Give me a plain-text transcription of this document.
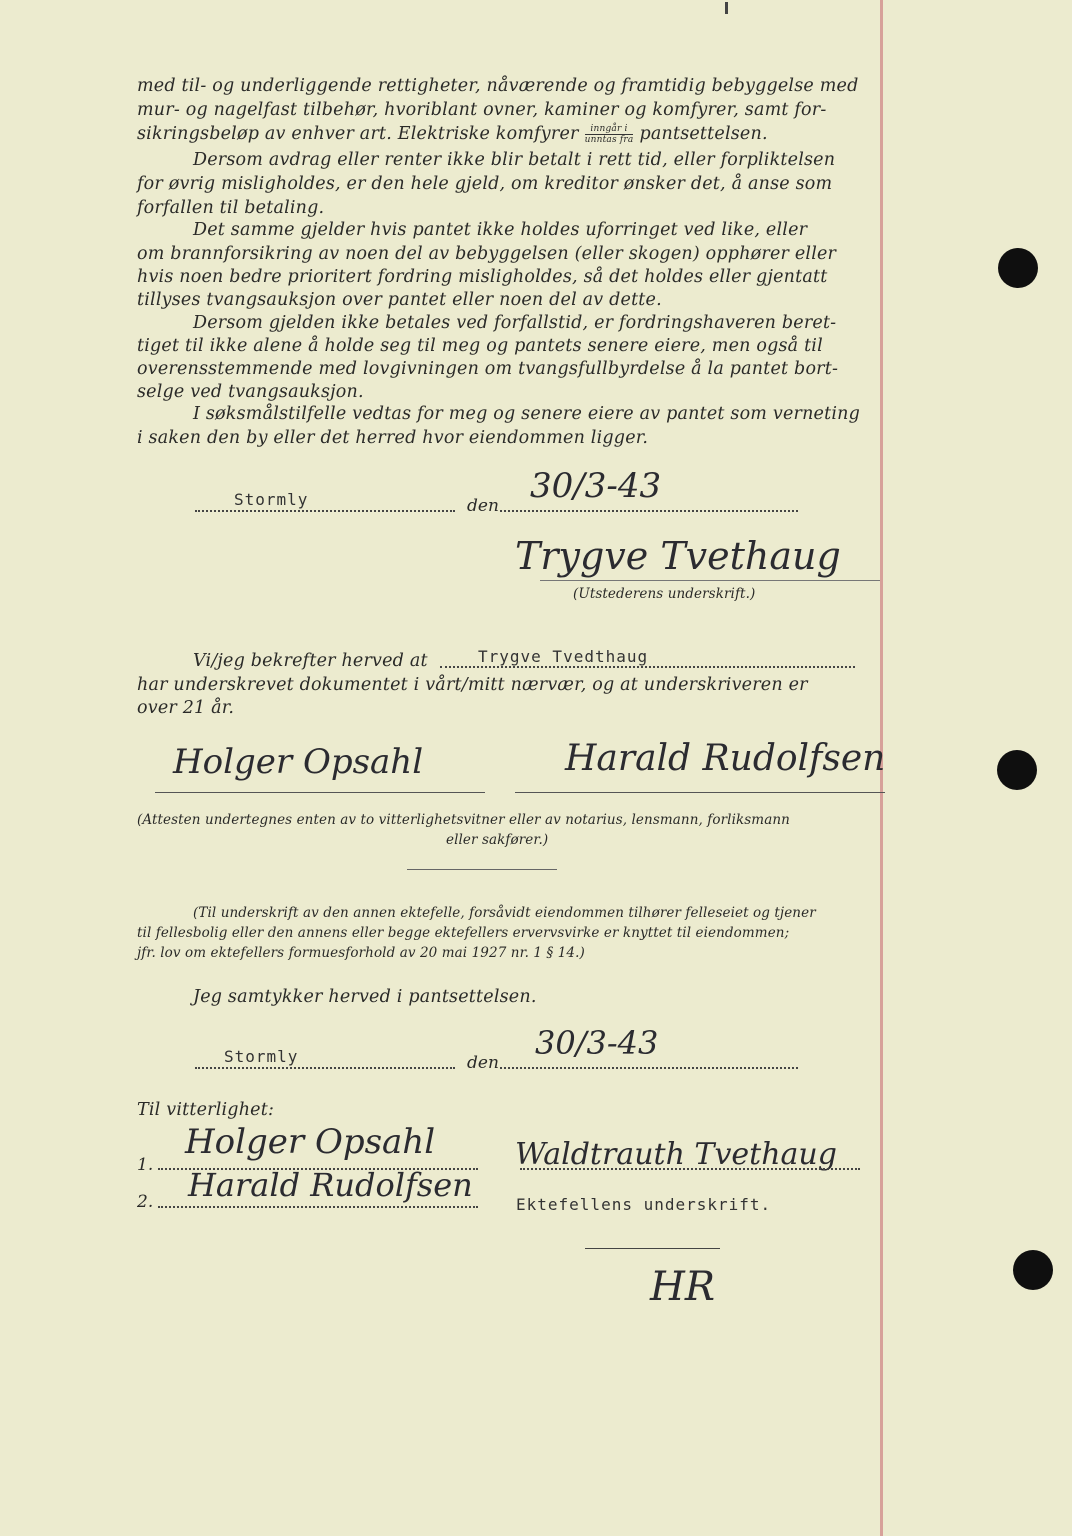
med til- og underliggende rettigheter, nåværende og framtidig bebyggelse med
mur- og nagelfast tilbehør, hvoriblant ovner, kaminer og komfyrer, samt for-
sikringsbeløp av enhver art. Elektriske komfyrer $\frac{\text{inngår i}}{\text{unntas fra}}$ pantsettelsen.
Dersom avdrag eller renter ikke blir betalt i rett tid, eller forpliktelsen
for øvrig misligholdes, er den hele gjeld, om kreditor ønsker det, å anse som
forfallen til betaling.
Det samme gjelder hvis pantet ikke holdes uforringet ved like, eller
om brannforsikring av noen del av bebyggelsen (eller skogen) opphører eller
hvis noen bedre prioritert fordring misligholdes, så det holdes eller gjentatt
tillyses tvangsauksjon over pantet eller noen del av dette.
Dersom gjelden ikke betales ved forfallstid, er fordringshaveren beret-
tiget til ikke alene å holde seg til meg og pantets senere eiere, men også til
overensstemmende med lovgivningen om tvangsfullbyrdelse å la pantet bort-
selge ved tvangsauksjon.
I søksmålstilfelle vedtas for meg og senere eiere av pantet som verneting
i saken den by eller det herred hvor eiendommen ligger.
Stormly	den 30/3-43
Trygve Tvethaug
(Utstederens underskrift.)
Vi/jeg bekrefter herved at	Trygve Tvedthaug
har underskrevet dokumentet i vårt/mitt nærvær, og at underskriveren er
over 21 år.
Holger Opsahl	Harald Rudolfsen
(Attesten undertegnes enten av to vitterlighetsvitner eller av notarius, lensmann, forliksmann
eller sakfører.)
(Til underskrift av den annen ektefelle, forsåvidt eiendommen tilhører felleseiet og tjener
til fellesbolig eller den annens eller begge ektefellers ervervsvirke er knyttet til eiendommen;
jfr. lov om ektefellers formuesforhold av 20 mai 1927 nr. 1 § 14.)
Jeg samtykker herved i pantsettelsen.
Stormly	den
30/3-43
Til vitterlighet:
1.
Holger Opsahl	Waldtrauth Tvethaug
2. Harald Rudolfsen
Ektefellens underskrift.
HR
